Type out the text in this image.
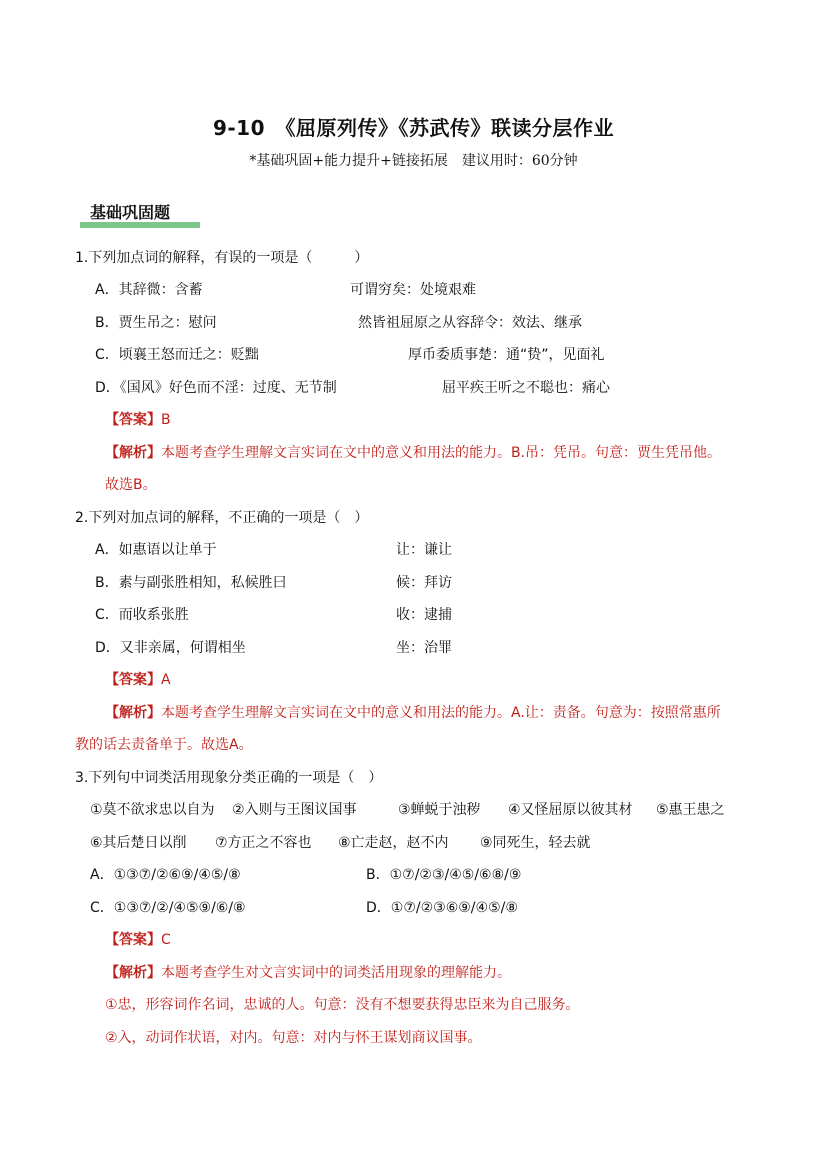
9-10　《屈原列传》《苏武传》联读分层作业
*基础巩固+能力提升+链接拓展　建议用时：60分钟
基础巩固题
1.下列加点词的解释，有误的一项是（　　　）
A．其辞微：含蓄	可谓穷矣：处境艰难
B．贾生吊之：慰问	然皆祖屈原之从容辞令：效法、继承
C．顷襄王怒而迁之：贬黜	厚币委质事楚：通“贽”，见面礼
D．《国风》好色而不淫：过度、无节制	屈平疾王听之不聪也：痛心
【答案】B
【解析】本题考查学生理解文言实词在文中的意义和用法的能力。B.吊：凭吊。句意：贾生凭吊他。
故选B。
2.下列对加点词的解释，不正确的一项是（　）
A．如惠语以让单于	让：谦让
B．素与副张胜相知，私候胜曰	候：拜访
C．而收系张胜	收：逮捕
D．又非亲属，何谓相坐	坐：治罪
【答案】A
【解析】本题考查学生理解文言实词在文中的意义和用法的能力。A.让：责备。句意为：按照常惠所
教的话去责备单于。故选A。
3.下列句中词类活用现象分类正确的一项是（　）
①莫不欲求忠以自为 ②入则与王图议国事	③蝉蜕于浊秽 ④又怪屈原以彼其材 ⑤惠王患之
⑥其后楚日以削 ⑦方正之不容也 ⑧亡走赵，赵不内 ⑨同死生，轻去就
A．①③⑦/②⑥⑨/④⑤/⑧	B．①⑦/②③/④⑤/⑥⑧/⑨
C．①③⑦/②/④⑤⑨/⑥/⑧	D．①⑦/②③⑥⑨/④⑤/⑧
【答案】C
【解析】本题考查学生对文言实词中的词类活用现象的理解能力。
①忠，形容词作名词，忠诚的人。句意：没有不想要获得忠臣来为自己服务。
②入，动词作状语，对内。句意：对内与怀王谋划商议国事。
